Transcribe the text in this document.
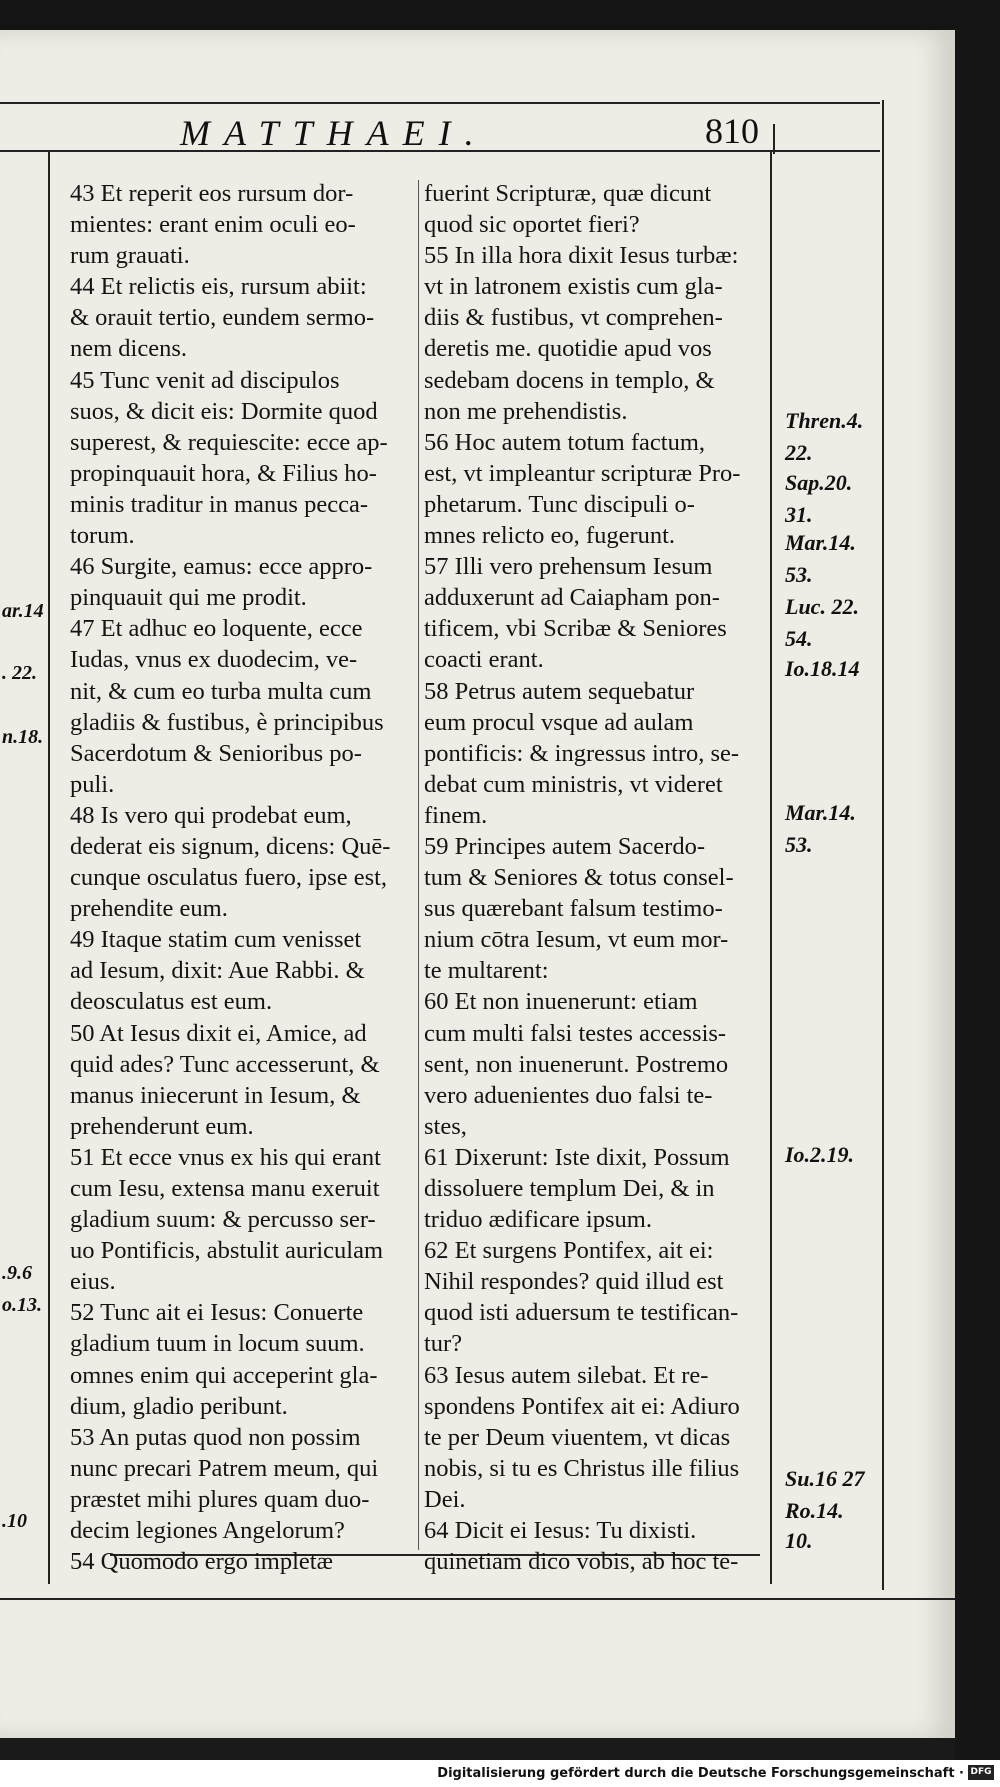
MATTHAEI.	810
43 Et reperit eos rursum dor-
mientes: erant enim oculi eo-
rum grauati.
44 Et relictis eis, rursum abiit:
& orauit tertio, eundem sermo-
nem dicens.
45 Tunc venit ad discipulos
suos, & dicit eis: Dormite quod
superest, & requiescite: ecce ap-
propinquauit hora, & Filius ho-
minis traditur in manus pecca-
torum.
46 Surgite, eamus: ecce appro-
pinquauit qui me prodit.
47 Et adhuc eo loquente, ecce
Iudas, vnus ex duodecim, ve-
nit, & cum eo turba multa cum
gladiis & fustibus, è principibus
Sacerdotum & Senioribus po-
puli.
48 Is vero qui prodebat eum,
dederat eis signum, dicens: Quē-
cunque osculatus fuero, ipse est,
prehendite eum.
49 Itaque statim cum venisset
ad Iesum, dixit: Aue Rabbi. &
deosculatus est eum.
50 At Iesus dixit ei, Amice, ad
quid ades? Tunc accesserunt, &
manus iniecerunt in Iesum, &
prehenderunt eum.
51 Et ecce vnus ex his qui erant
cum Iesu, extensa manu exeruit
gladium suum: & percusso ser-
uo Pontificis, abstulit auriculam
eius.
52 Tunc ait ei Iesus: Conuerte
gladium tuum in locum suum.
omnes enim qui acceperint gla-
dium, gladio peribunt.
53 An putas quod non possim
nunc precari Patrem meum, qui
præstet mihi plures quam duo-
decim legiones Angelorum?
54 Quomodo ergo impletæ
fuerint Scripturæ, quæ dicunt
quod sic oportet fieri?
55 In illa hora dixit Iesus turbæ:
vt in latronem existis cum gla-
diis & fustibus, vt comprehen-
deretis me. quotidie apud vos
sedebam docens in templo, &
non me prehendistis.
56 Hoc autem totum factum,
est, vt impleantur scripturæ Pro-
phetarum. Tunc discipuli o-
mnes relicto eo, fugerunt.
57 Illi vero prehensum Iesum
adduxerunt ad Caiapham pon-
tificem, vbi Scribæ & Seniores
coacti erant.
58 Petrus autem sequebatur
eum procul vsque ad aulam
pontificis: & ingressus intro, se-
debat cum ministris, vt videret
finem.
59 Principes autem Sacerdo-
tum & Seniores & totus consel-
sus quærebant falsum testimo-
nium cōtra Iesum, vt eum mor-
te multarent:
60 Et non inuenerunt: etiam
cum multi falsi testes accessis-
sent, non inuenerunt. Postremo
vero aduenientes duo falsi te-
stes,
61 Dixerunt: Iste dixit, Possum
dissoluere templum Dei, & in
triduo ædificare ipsum.
62 Et surgens Pontifex, ait ei:
Nihil respondes? quid illud est
quod isti aduersum te testifican-
tur?
63 Iesus autem silebat. Et re-
spondens Pontifex ait ei: Adiuro
te per Deum viuentem, vt dicas
nobis, si tu es Christus ille filius
Dei.
64 Dicit ei Iesus: Tu dixisti.
quinetiam dico vobis, ab hoc tē-
Thren.4.
22.
Sap.20.
31.
Mar.14.
53.
Luc. 22.
54.
Io.18.14
Mar.14.
53.
Io.2.19.
Su.16 27
Ro.14.
10.
ar.14
. 22.
n.18.
.9.6
o.13.
.10
Digitalisierung gefördert durch die Deutsche Forschungsgemeinschaft · DFG
